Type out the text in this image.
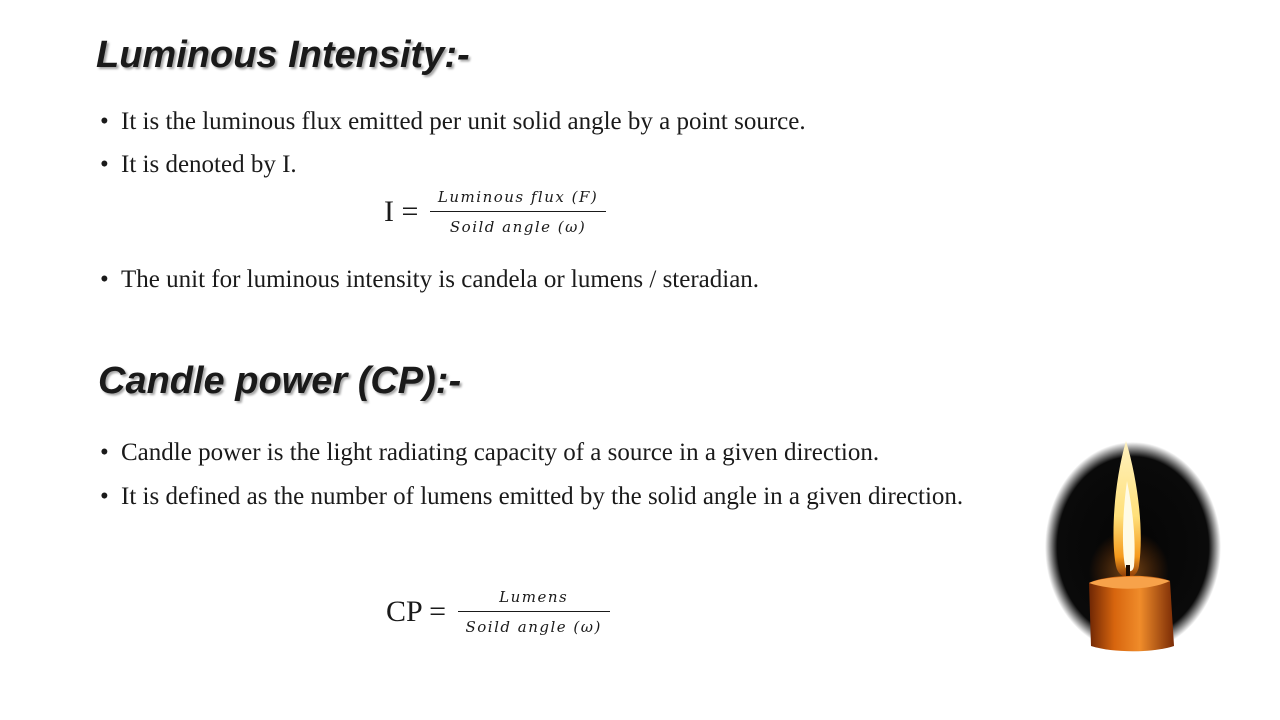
Luminous Intensity:-
• It is the luminous flux emitted per unit solid angle by a point source.
• It is denoted by I.
$I = \frac{\text{Luminous flux (F)}}{\text{Soild angle (ω)}}$
• The unit for luminous intensity is candela or lumens / steradian.
Candle power (CP):-
• Candle power is the light radiating capacity of a source in a given direction.
• It is defined as the number of lumens emitted by the solid angle in a given direction.
CP = $\frac{\text{Lumens}}{\text{Soild angle (ω)}}$
